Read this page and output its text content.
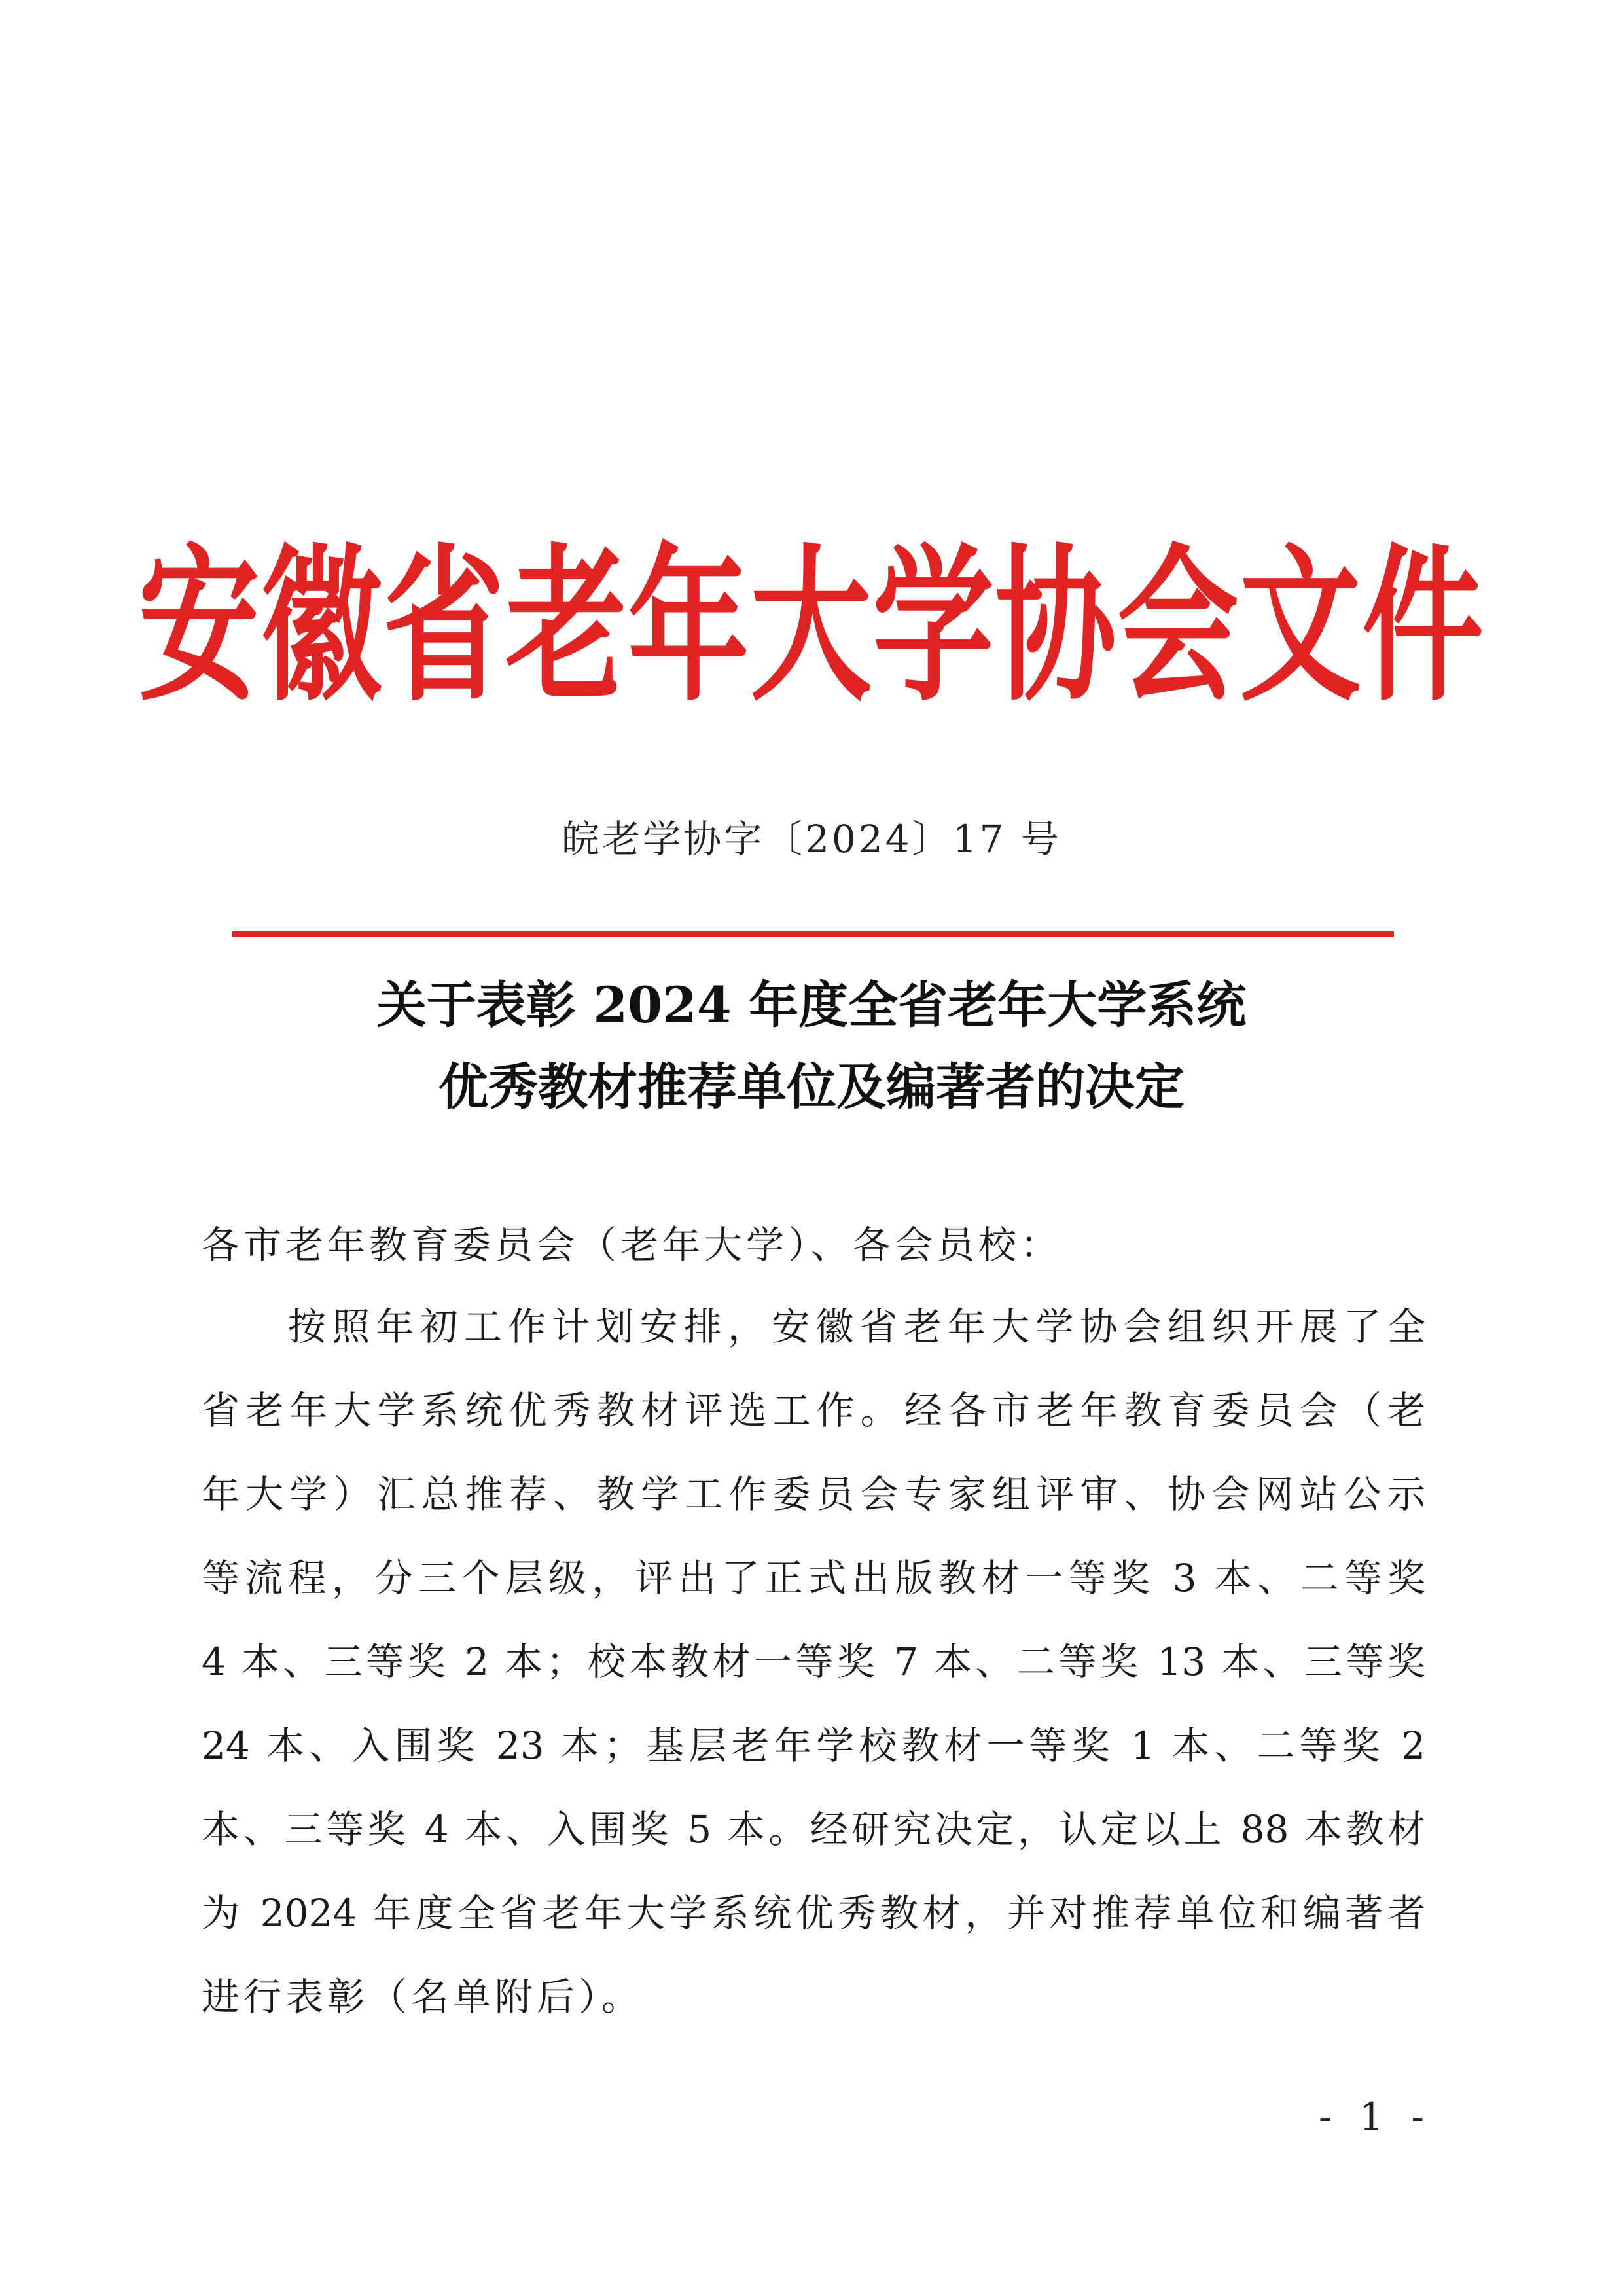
安徽省老年大学协会文件
皖老学协字〔2024〕17 号
关于表彰 2024 年度全省老年大学系统
优秀教材推荐单位及编著者的决定
各市老年教育委员会（老年大学）、各会员校：
按照年初工作计划安排，安徽省老年大学协会组织开展了全
省老年大学系统优秀教材评选工作。经各市老年教育委员会（老
年大学）汇总推荐、教学工作委员会专家组评审、协会网站公示
等流程，分三个层级，评出了正式出版教材一等奖 3 本、二等奖
4 本、三等奖 2 本；校本教材一等奖 7 本、二等奖 13 本、三等奖
24 本、入围奖 23 本；基层老年学校教材一等奖 1 本、二等奖 2
本、三等奖 4 本、入围奖 5 本。经研究决定，认定以上 88 本教材
为 2024 年度全省老年大学系统优秀教材，并对推荐单位和编著者
进行表彰（名单附后）。
- 1 -
